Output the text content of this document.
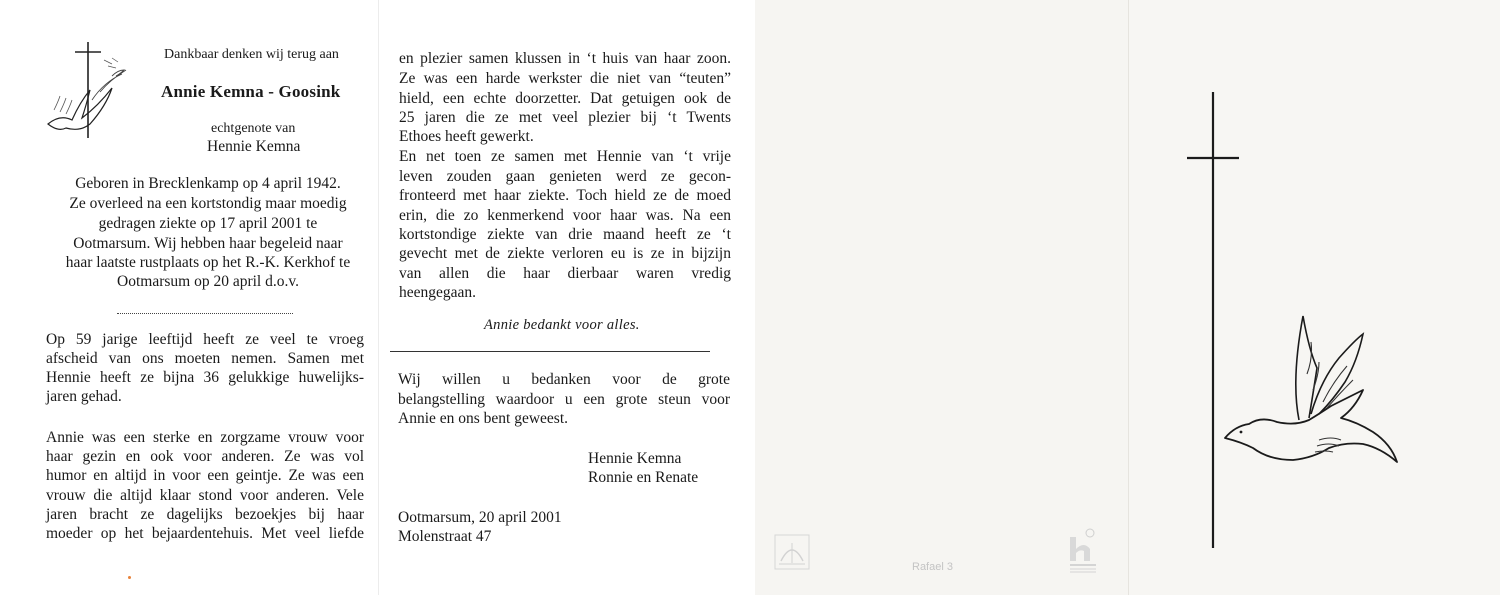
Dankbaar denken wij terug aan
Annie Kemna - Goosink
echtgenote van
Hennie Kemna
Geboren in Brecklenkamp op 4 april 1942.
Ze overleed na een kortstondig maar moedig
gedragen ziekte op 17 april 2001 te
Ootmarsum. Wij hebben haar begeleid naar
haar laatste rustplaats op het R.-K. Kerkhof te
Ootmarsum op 20 april d.o.v.
Op 59 jarige leeftijd heeft ze veel te vroeg
afscheid van ons moeten nemen. Samen met
Hennie heeft ze bijna 36 gelukkige huwelijks-
jaren gehad.
Annie was een sterke en zorgzame vrouw voor
haar gezin en ook voor anderen. Ze was vol
humor en altijd in voor een geintje. Ze was een
vrouw die altijd klaar stond voor anderen. Vele
jaren bracht ze dagelijks bezoekjes bij haar
moeder op het bejaardentehuis. Met veel liefde
en plezier samen klussen in ‘t huis van haar zoon.
Ze was een harde werkster die niet van “teuten”
hield, een echte doorzetter. Dat getuigen ook de
25 jaren die ze met veel plezier bij ‘t Twents
Ethoes heeft gewerkt.
En net toen ze samen met Hennie van ‘t vrije
leven zouden gaan genieten werd ze gecon-
fronteerd met haar ziekte. Toch hield ze de moed
erin, die zo kenmerkend voor haar was. Na een
kortstondige ziekte van drie maand heeft ze ‘t
gevecht met de ziekte verloren eu is ze in bijzijn
van allen die haar dierbaar waren vredig
heengegaan.
Annie bedankt voor alles.
Wij willen u bedanken voor de grote
belangstelling waardoor u een grote steun voor
Annie en ons bent geweest.
Hennie Kemna
Ronnie en Renate
Ootmarsum, 20 april 2001
Molenstraat 47
Rafael 3
